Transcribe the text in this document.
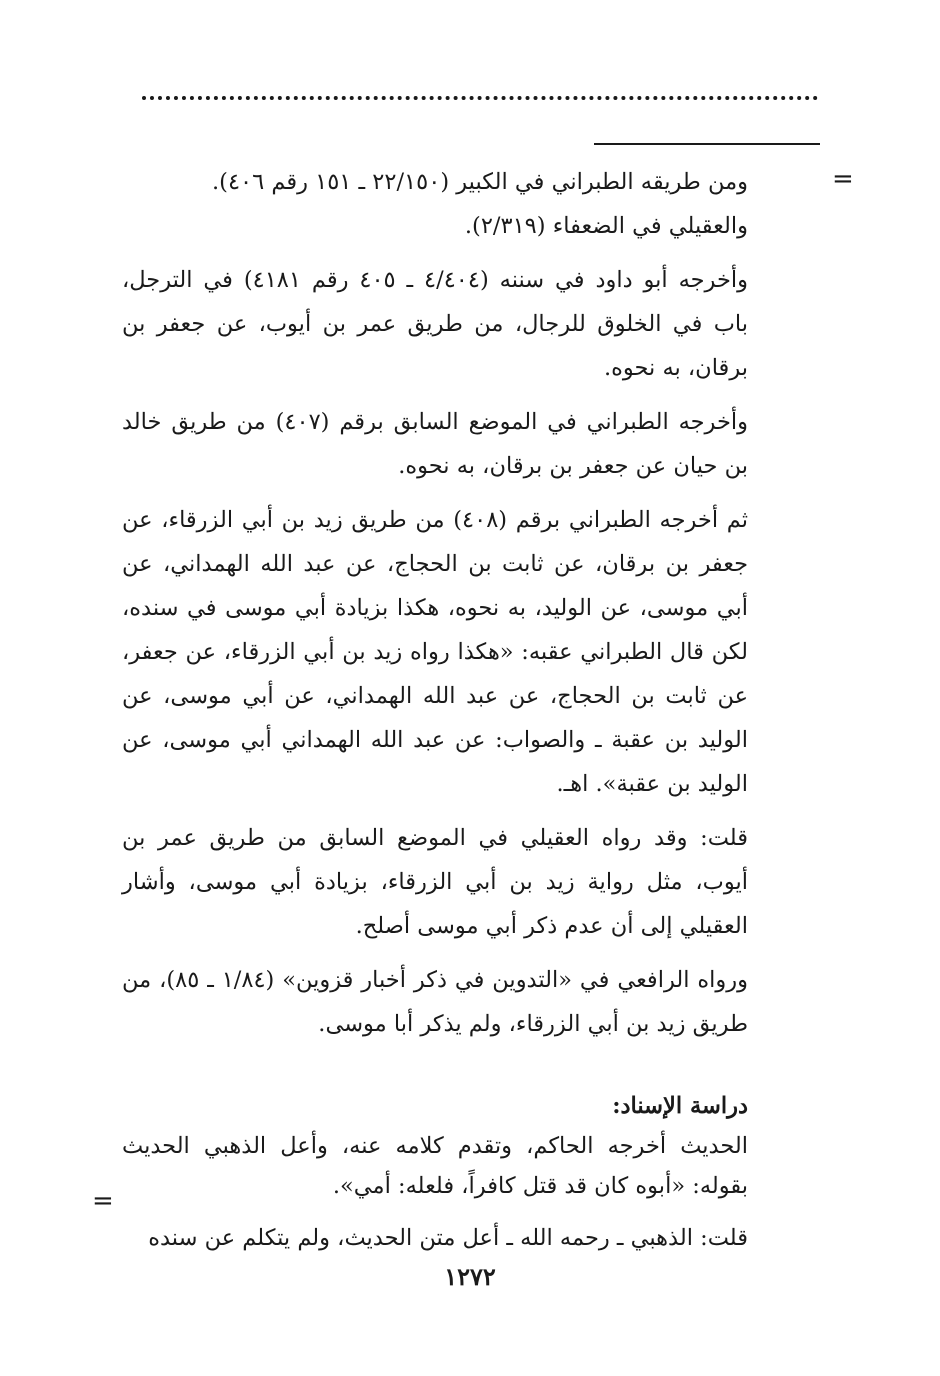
=

ومن طريقه الطبراني في الكبير (٢٢/١٥٠ ـ ١٥١ رقم ٤٠٦).

والعقيلي في الضعفاء (٢/٣١٩).

وأخرجه أبو داود في سننه (٤/٤٠٤ ـ ٤٠٥ رقم ٤١٨١) في الترجل، باب في الخلوق للرجال، من طريق عمر بن أيوب، عن جعفر بن برقان، به نحوه.

وأخرجه الطبراني في الموضع السابق برقم (٤٠٧) من طريق خالد بن حيان عن جعفر بن برقان، به نحوه.

ثم أخرجه الطبراني برقم (٤٠٨) من طريق زيد بن أبي الزرقاء، عن جعفر بن برقان، عن ثابت بن الحجاج، عن عبد الله الهمداني، عن أبي موسى، عن الوليد، به نحوه، هكذا بزيادة أبي موسى في سنده، لكن قال الطبراني عقبه: «هكذا رواه زيد بن أبي الزرقاء، عن جعفر، عن ثابت بن الحجاج، عن عبد الله الهمداني، عن أبي موسى، عن الوليد بن عقبة ـ والصواب: عن عبد الله الهمداني أبي موسى، عن الوليد بن عقبة». اهـ.

قلت: وقد رواه العقيلي في الموضع السابق من طريق عمر بن أيوب، مثل رواية زيد بن أبي الزرقاء، بزيادة أبي موسى، وأشار العقيلي إلى أن عدم ذكر أبي موسى أصلح.

ورواه الرافعي في «التدوين في ذكر أخبار قزوين» (١/٨٤ ـ ٨٥)، من طريق زيد بن أبي الزرقاء، ولم يذكر أبا موسى.

دراسة الإسناد:

الحديث أخرجه الحاكم، وتقدم كلامه عنه، وأعل الذهبي الحديث بقوله: «أبوه كان قد قتل كافراً، فلعله: أمي».

قلت: الذهبي ـ رحمه الله ـ أعل متن الحديث، ولم يتكلم عن سنده

=
١٢٧٢
